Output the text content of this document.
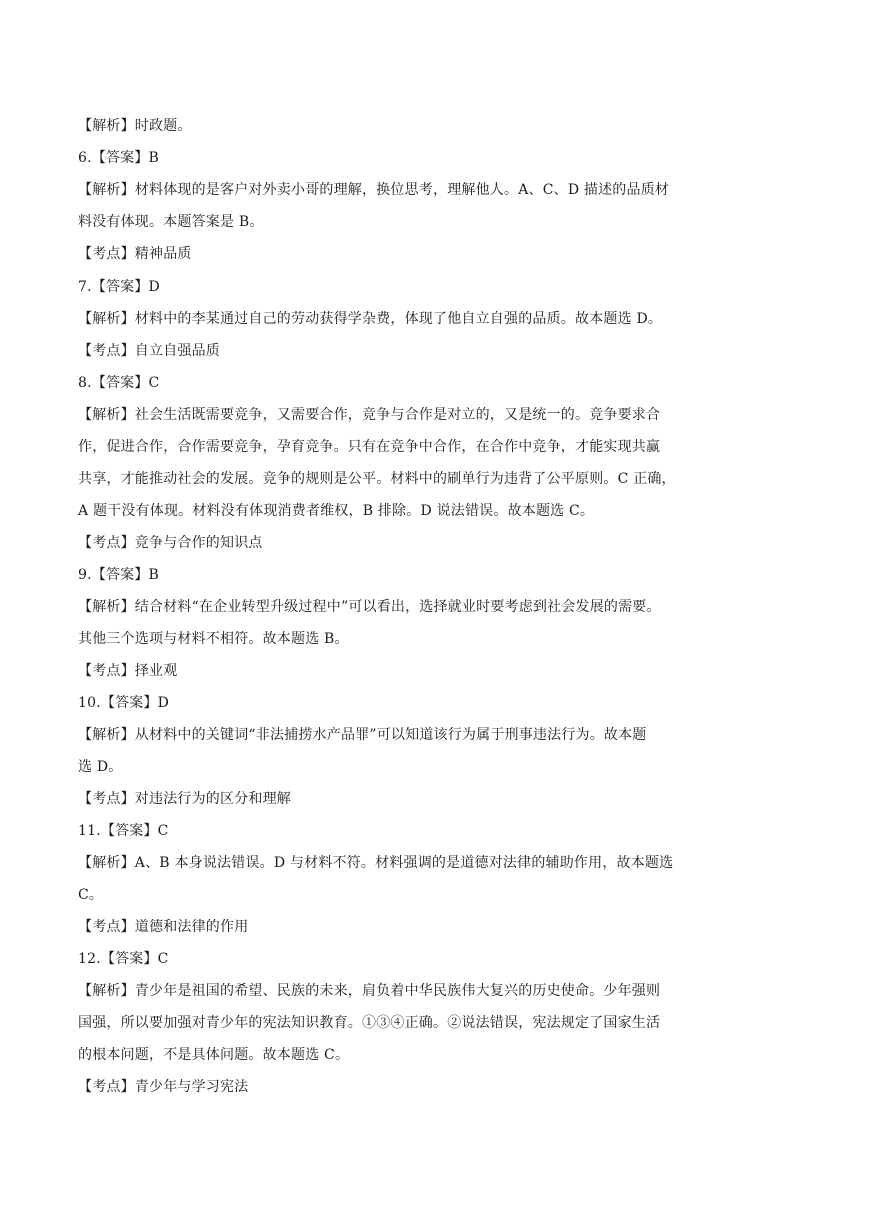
【解析】时政题。
6.【答案】B
【解析】材料体现的是客户对外卖小哥的理解，换位思考，理解他人。A、C、D 描述的品质材
料没有体现。本题答案是 B。
【考点】精神品质
7.【答案】D
【解析】材料中的李某通过自己的劳动获得学杂费，体现了他自立自强的品质。故本题选 D。
【考点】自立自强品质
8.【答案】C
【解析】社会生活既需要竞争，又需要合作，竞争与合作是对立的，又是统一的。竞争要求合
作，促进合作，合作需要竞争，孕育竞争。只有在竞争中合作，在合作中竞争，才能实现共赢
共享，才能推动社会的发展。竞争的规则是公平。材料中的刷单行为违背了公平原则。C 正确，
A 题干没有体现。材料没有体现消费者维权，B 排除。D 说法错误。故本题选 C。
【考点】竞争与合作的知识点
9.【答案】B
【解析】结合材料“在企业转型升级过程中”可以看出，选择就业时要考虑到社会发展的需要。
其他三个选项与材料不相符。故本题选 B。
【考点】择业观
10.【答案】D
【解析】从材料中的关键词“非法捕捞水产品罪”可以知道该行为属于刑事违法行为。故本题
选 D。
【考点】对违法行为的区分和理解
11.【答案】C
【解析】A、B 本身说法错误。D 与材料不符。材料强调的是道德对法律的辅助作用，故本题选
C。
【考点】道德和法律的作用
12.【答案】C
【解析】青少年是祖国的希望、民族的未来，肩负着中华民族伟大复兴的历史使命。少年强则
国强，所以要加强对青少年的宪法知识教育。①③④正确。②说法错误，宪法规定了国家生活
的根本问题，不是具体问题。故本题选 C。
【考点】青少年与学习宪法
